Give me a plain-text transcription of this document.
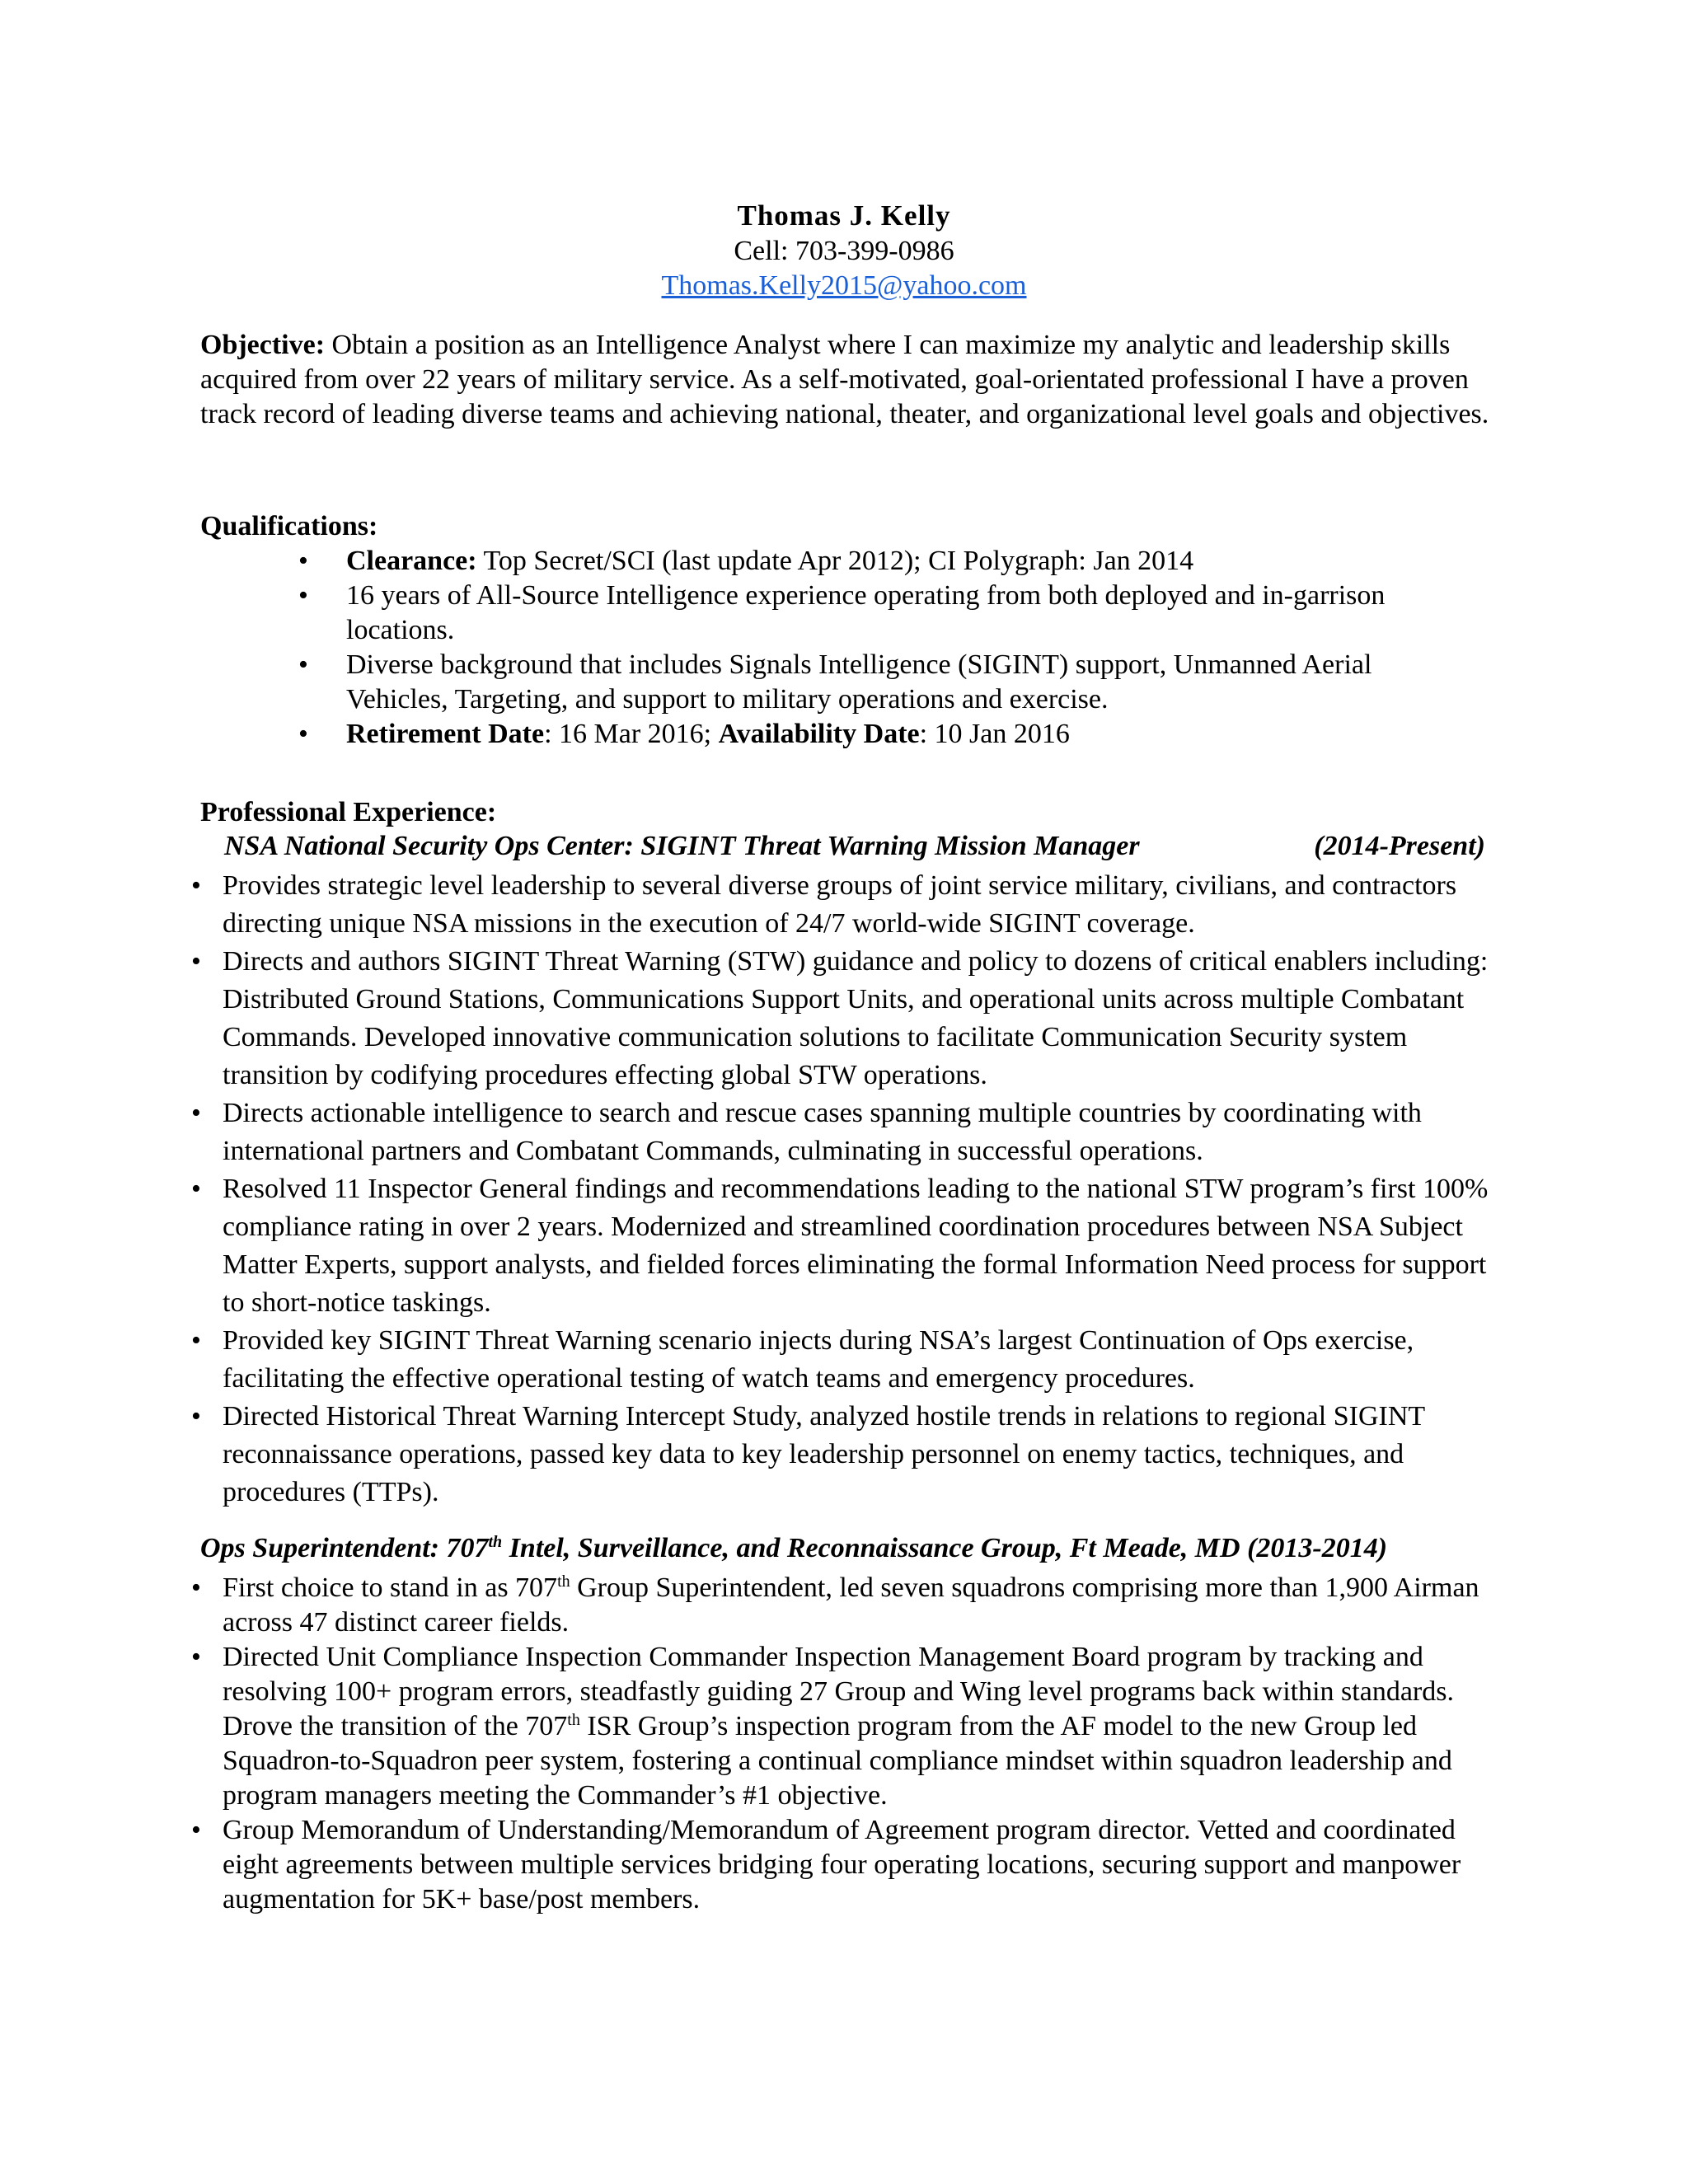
Thomas J. Kelly
Cell: 703-399-0986
Thomas.Kelly2015@yahoo.com
Objective: Obtain a position as an Intelligence Analyst where I can maximize my analytic and leadership skills acquired from over 22 years of military service. As a self-motivated, goal-orientated professional I have a proven track record of leading diverse teams and achieving national, theater, and organizational level goals and objectives.
Qualifications:
• Clearance: Top Secret/SCI (last update Apr 2012); CI Polygraph: Jan 2014
• 16 years of All-Source Intelligence experience operating from both deployed and in-garrison locations.
• Diverse background that includes Signals Intelligence (SIGINT) support, Unmanned Aerial Vehicles, Targeting, and support to military operations and exercise.
• Retirement Date: 16 Mar 2016; Availability Date: 10 Jan 2016
Professional Experience:
NSA National Security Ops Center: SIGINT Threat Warning Mission Manager	(2014-Present)
• Provides strategic level leadership to several diverse groups of joint service military, civilians, and contractors directing unique NSA missions in the execution of 24/7 world-wide SIGINT coverage.
• Directs and authors SIGINT Threat Warning (STW) guidance and policy to dozens of critical enablers including: Distributed Ground Stations, Communications Support Units, and operational units across multiple Combatant Commands. Developed innovative communication solutions to facilitate Communication Security system transition by codifying procedures effecting global STW operations.
• Directs actionable intelligence to search and rescue cases spanning multiple countries by coordinating with international partners and Combatant Commands, culminating in successful operations.
• Resolved 11 Inspector General findings and recommendations leading to the national STW program’s first 100% compliance rating in over 2 years. Modernized and streamlined coordination procedures between NSA Subject Matter Experts, support analysts, and fielded forces eliminating the formal Information Need process for support to short-notice taskings.
• Provided key SIGINT Threat Warning scenario injects during NSA’s largest Continuation of Ops exercise, facilitating the effective operational testing of watch teams and emergency procedures.
• Directed Historical Threat Warning Intercept Study, analyzed hostile trends in relations to regional SIGINT reconnaissance operations, passed key data to key leadership personnel on enemy tactics, techniques, and procedures (TTPs).
Ops Superintendent: 707th Intel, Surveillance, and Reconnaissance Group, Ft Meade, MD (2013-2014)
• First choice to stand in as 707th Group Superintendent, led seven squadrons comprising more than 1,900 Airman across 47 distinct career fields.
• Directed Unit Compliance Inspection Commander Inspection Management Board program by tracking and resolving 100+ program errors, steadfastly guiding 27 Group and Wing level programs back within standards. Drove the transition of the 707th ISR Group’s inspection program from the AF model to the new Group led Squadron-to-Squadron peer system, fostering a continual compliance mindset within squadron leadership and program managers meeting the Commander’s #1 objective.
• Group Memorandum of Understanding/Memorandum of Agreement program director. Vetted and coordinated eight agreements between multiple services bridging four operating locations, securing support and manpower augmentation for 5K+ base/post members.
